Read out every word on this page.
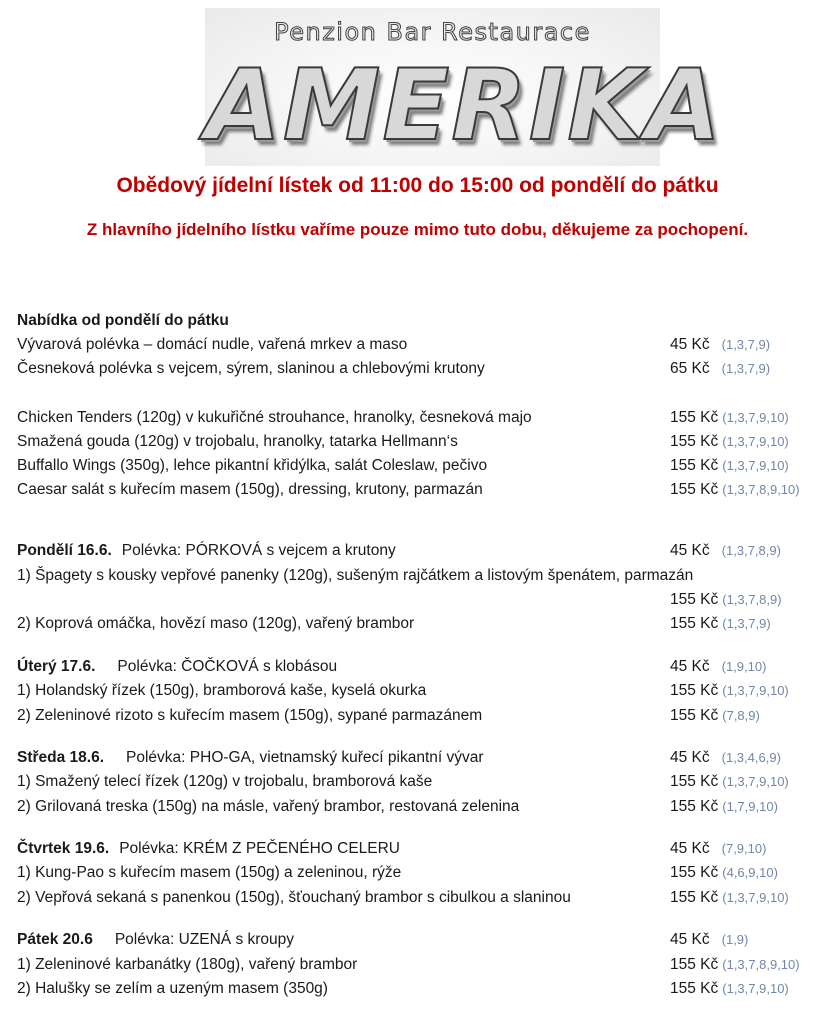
Penzion Bar Restaurace
AMERIKA
Obědový jídelní lístek od 11:00 do 15:00 od pondělí do pátku
Z hlavního jídelního lístku vaříme pouze mimo tuto dobu, děkujeme za pochopení.
Nabídka od pondělí do pátku
Vývarová polévka – domácí nudle, vařená mrkev a maso	45 Kč (1,3,7,9)
Česneková polévka s vejcem, sýrem, slaninou a chlebovými krutony	65 Kč (1,3,7,9)
Chicken Tenders (120g) v kukuřičné strouhance, hranolky, česneková majo	155 Kč (1,3,7,9,10)
Smažená gouda (120g) v trojobalu, hranolky, tatarka Hellmann‘s	155 Kč (1,3,7,9,10)
Buffallo Wings (350g), lehce pikantní křidýlka, salát Coleslaw, pečivo	155 Kč (1,3,7,9,10)
Caesar salát s kuřecím masem (150g), dressing, krutony, parmazán	155 Kč (1,3,7,8,9,10)
Pondělí 16.6. Polévka: PÓRKOVÁ s vejcem a krutony	45 Kč (1,3,7,8,9)
1) Špagety s kousky vepřové panenky (120g), sušeným rajčátkem a listovým špenátem, parmazán
155 Kč (1,3,7,8,9)
2) Koprová omáčka, hovězí maso (120g), vařený brambor	155 Kč (1,3,7,9)
Úterý 17.6. Polévka: ČOČKOVÁ s klobásou	45 Kč (1,9,10)
1) Holandský řízek (150g), bramborová kaše, kyselá okurka	155 Kč (1,3,7,9,10)
2) Zeleninové rizoto s kuřecím masem (150g), sypané parmazánem	155 Kč (7,8,9)
Středa 18.6. Polévka: PHO-GA, vietnamský kuřecí pikantní vývar	45 Kč (1,3,4,6,9)
1) Smažený telecí řízek (120g) v trojobalu, bramborová kaše	155 Kč (1,3,7,9,10)
2) Grilovaná treska (150g) na másle, vařený brambor, restovaná zelenina	155 Kč (1,7,9,10)
Čtvrtek 19.6. Polévka: KRÉM Z PEČENÉHO CELERU	45 Kč (7,9,10)
1) Kung-Pao s kuřecím masem (150g) a zeleninou, rýže	155 Kč (4,6,9,10)
2) Vepřová sekaná s panenkou (150g), šťouchaný brambor s cibulkou a slaninou	155 Kč (1,3,7,9,10)
Pátek 20.6 Polévka: UZENÁ s kroupy	45 Kč (1,9)
1) Zeleninové karbanátky (180g), vařený brambor	155 Kč (1,3,7,8,9,10)
2) Halušky se zelím a uzeným masem (350g)	155 Kč (1,3,7,9,10)
